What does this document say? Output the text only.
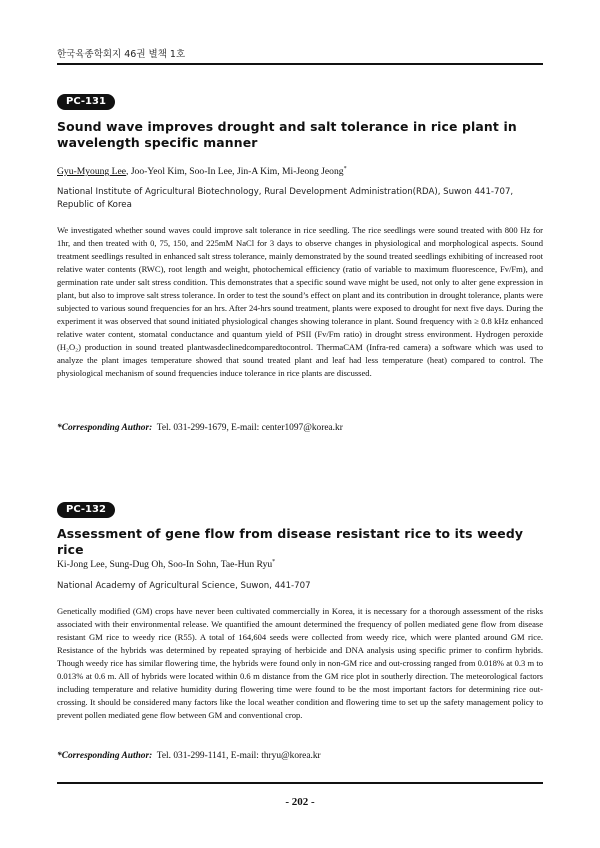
한국육종학회지 46권 별책 1호
PC-131
Sound wave improves drought and salt tolerance in rice plant in wavelength specific manner
Gyu-Myoung Lee, Joo-Yeol Kim, Soo-In Lee, Jin-A Kim, Mi-Jeong Jeong*
National Institute of Agricultural Biotechnology, Rural Development Administration(RDA), Suwon 441-707, Republic of Korea

We investigated whether sound waves could improve salt tolerance in rice seedling. The rice seedlings were sound treated with 800 Hz for 1hr, and then treated with 0, 75, 150, and 225mM NaCl for 3 days to observe changes in physiological and morphological aspects. Sound treatment seedlings resulted in enhanced salt stress tolerance, mainly demonstrated by the sound treated seedlings exhibiting of increased root relative water contents (RWC), root length and weight, photochemical efficiency (ratio of variable to maximum fluorescence, Fv/Fm), and germination rate under salt stress condition. This demonstrates that a specific sound wave might be used, not only to alter gene expression in plant, but also to improve salt stress tolerance. In order to test the sound’s effect on plant and its contribution in drought tolerance, plants were subjected to various sound frequencies for an hrs. After 24-hrs sound treatment, plants were exposed to drought for next five days. During the experiment it was observed that sound initiated physiological changes showing tolerance in plant. Sound frequency with ≥ 0.8 kHz enhanced relative water content, stomatal conductance and quantum yield of PSII (Fv/Fm ratio) in drought stress environment. Hydrogen peroxide (H₂O₂) production in sound treated plantwasdeclinedcomparedtocontrol. ThermaCAM (Infra-red camera) a software which was used to analyze the plant images temperature showed that sound treated plant and leaf had less temperature (heat) compared to control. The physiological mechanism of sound frequencies induce tolerance in rice plants are discussed.

*Corresponding Author: Tel. 031-299-1679, E-mail: center1097@korea.kr
PC-132
Assessment of gene flow from disease resistant rice to its weedy rice
Ki-Jong Lee, Sung-Dug Oh, Soo-In Sohn, Tae-Hun Ryu*
National Academy of Agricultural Science, Suwon, 441-707

Genetically modified (GM) crops have never been cultivated commercially in Korea, it is necessary for a thorough assessment of the risks associated with their environmental release. We quantified the amount determined the frequency of pollen mediated gene flow from disease resistant GM rice to weedy rice (R55). A total of 164,604 seeds were collected from weedy rice, which were planted around GM rice. Resistance of the hybrids was determined by repeated spraying of herbicide and DNA analysis using specific primer to confirm hybrids. Though weedy rice has similar flowering time, the hybrids were found only in non-GM rice and out-crossing ranged from 0.018% at 0.3 m to 0.013% at 0.6 m. All of hybrids were located within 0.6 m distance from the GM rice plot in southerly direction. The meteorological factors including temperature and relative humidity during flowering time were found to be the most important factors for determining rice out-crossing. It should be considered many factors like the local weather condition and flowering time to set up the safety management policy to prevent pollen mediated gene flow between GM and conventional crop.

*Corresponding Author: Tel. 031-299-1141, E-mail: thryu@korea.kr
- 202 -
